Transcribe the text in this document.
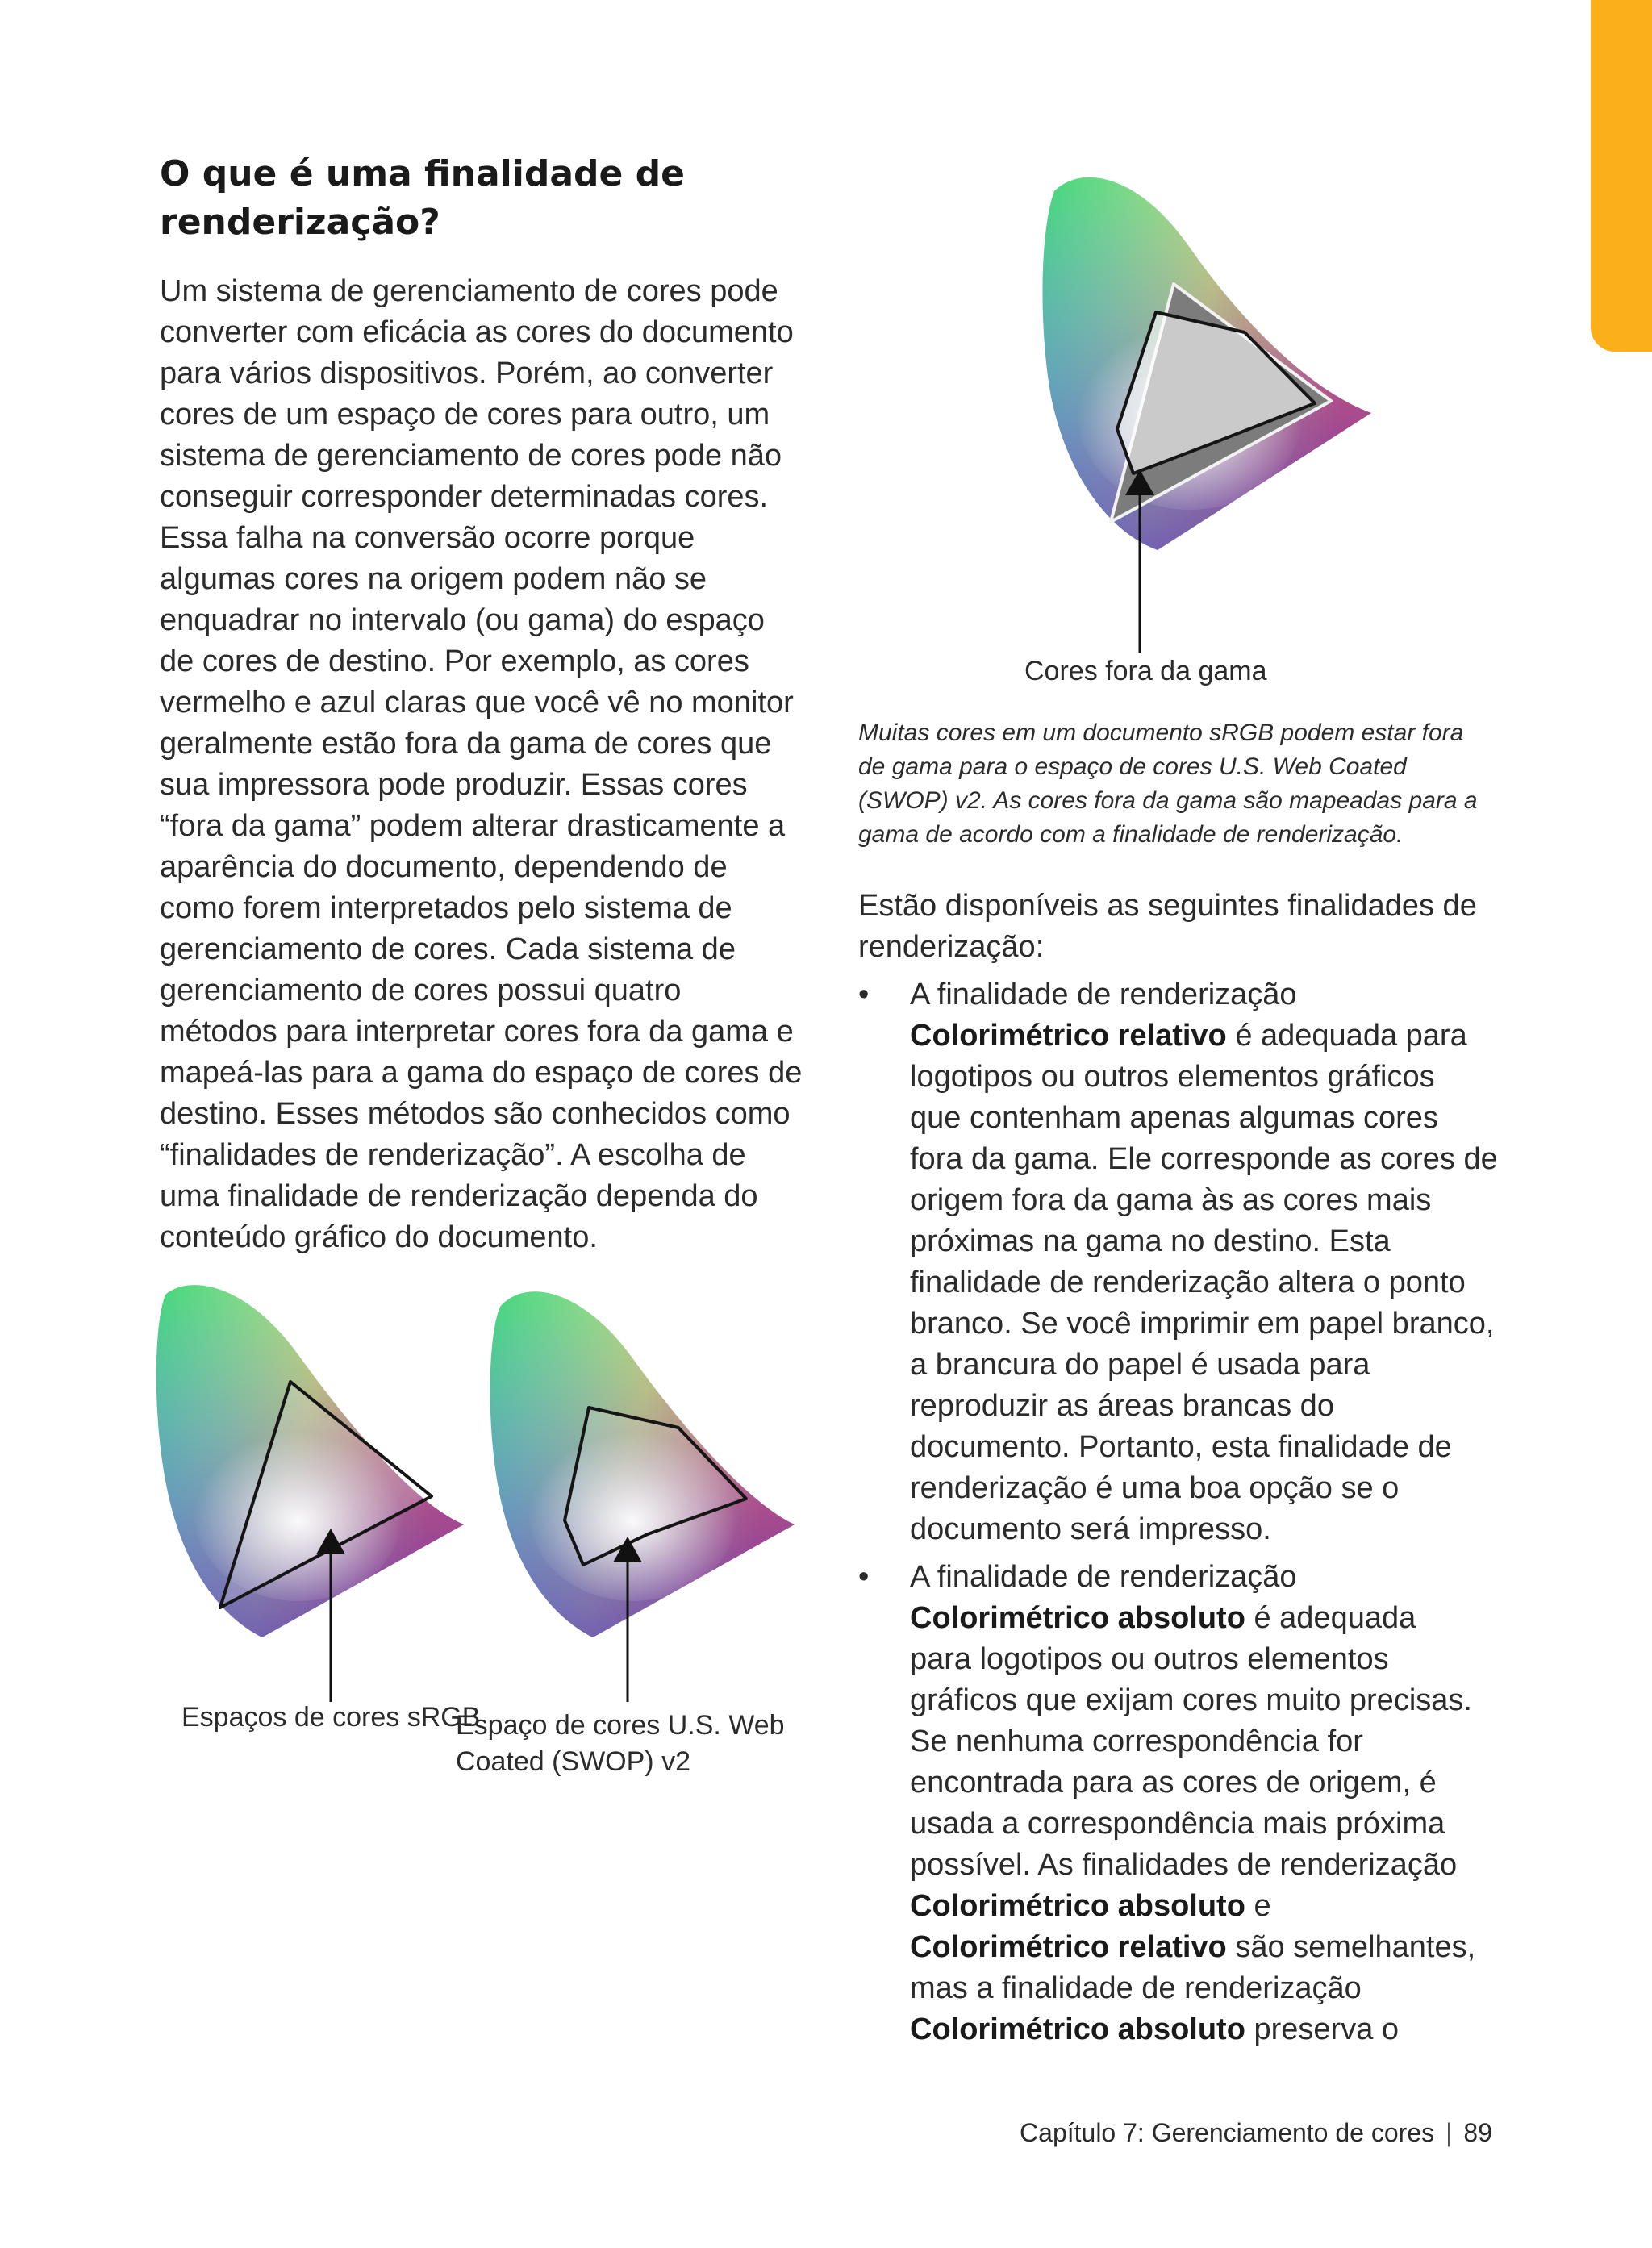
O que é uma finalidade de
renderização?
Um sistema de gerenciamento de cores pode
converter com eficácia as cores do documento
para vários dispositivos. Porém, ao converter
cores de um espaço de cores para outro, um
sistema de gerenciamento de cores pode não
conseguir corresponder determinadas cores.
Essa falha na conversão ocorre porque
algumas cores na origem podem não se
enquadrar no intervalo (ou gama) do espaço
de cores de destino. Por exemplo, as cores
vermelho e azul claras que você vê no monitor
geralmente estão fora da gama de cores que
sua impressora pode produzir. Essas cores
“fora da gama” podem alterar drasticamente a
aparência do documento, dependendo de
como forem interpretados pelo sistema de
gerenciamento de cores. Cada sistema de
gerenciamento de cores possui quatro
métodos para interpretar cores fora da gama e
mapeá-las para a gama do espaço de cores de
destino. Esses métodos são conhecidos como
“finalidades de renderização”. A escolha de
uma finalidade de renderização dependa do
conteúdo gráfico do documento.
Espaços de cores sRGB
Espaço de cores U.S. Web
Coated (SWOP) v2
Cores fora da gama
Muitas cores em um documento sRGB podem estar fora
de gama para o espaço de cores U.S. Web Coated
(SWOP) v2. As cores fora da gama são mapeadas para a
gama de acordo com a finalidade de renderização.
Estão disponíveis as seguintes finalidades de
renderização:
• A finalidade de renderização
Colorimétrico relativo é adequada para
logotipos ou outros elementos gráficos
que contenham apenas algumas cores
fora da gama. Ele corresponde as cores de
origem fora da gama às as cores mais
próximas na gama no destino. Esta
finalidade de renderização altera o ponto
branco. Se você imprimir em papel branco,
a brancura do papel é usada para
reproduzir as áreas brancas do
documento. Portanto, esta finalidade de
renderização é uma boa opção se o
documento será impresso.
• A finalidade de renderização
Colorimétrico absoluto é adequada
para logotipos ou outros elementos
gráficos que exijam cores muito precisas.
Se nenhuma correspondência for
encontrada para as cores de origem, é
usada a correspondência mais próxima
possível. As finalidades de renderização
Colorimétrico absoluto e
Colorimétrico relativo são semelhantes,
mas a finalidade de renderização
Colorimétrico absoluto preserva o
Capítulo 7: Gerenciamento de cores | 89
